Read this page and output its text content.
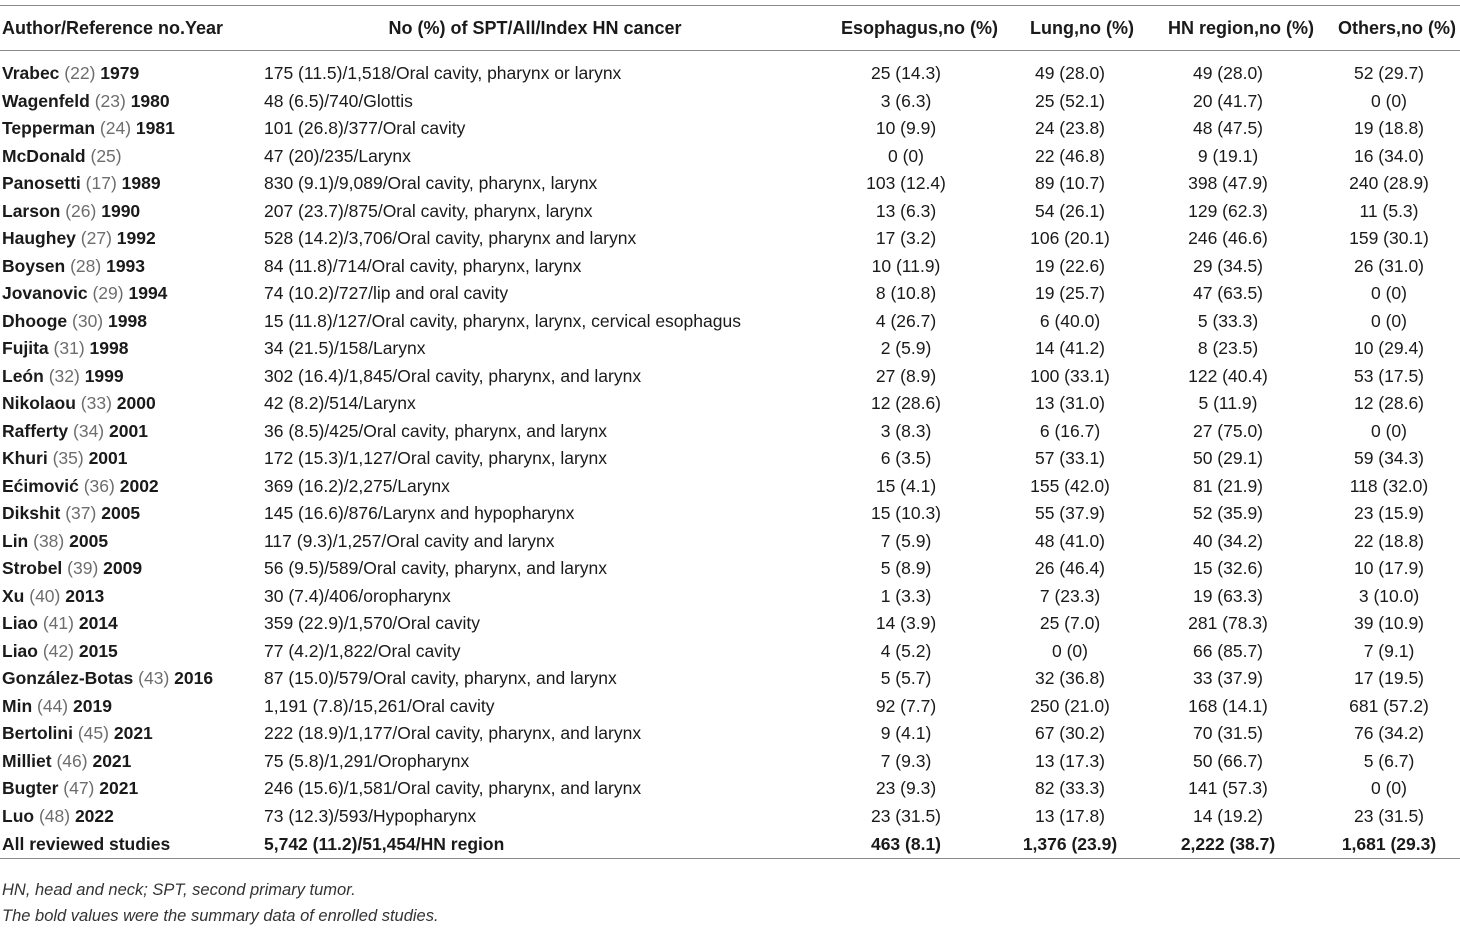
Author/Reference no.Year	No (%) of SPT/All/Index HN cancer	Esophagus,no (%)	Lung,no (%)	HN region,no (%)	Others,no (%)
Vrabec (22) 1979	175 (11.5)/1,518/Oral cavity, pharynx or larynx	25 (14.3)	49 (28.0)	49 (28.0)	52 (29.7)
Wagenfeld (23) 1980	48 (6.5)/740/Glottis	3 (6.3)	25 (52.1)	20 (41.7)	0 (0)
Tepperman (24) 1981	101 (26.8)/377/Oral cavity	10 (9.9)	24 (23.8)	48 (47.5)	19 (18.8)
McDonald (25)	47 (20)/235/Larynx	0 (0)	22 (46.8)	9 (19.1)	16 (34.0)
Panosetti (17) 1989	830 (9.1)/9,089/Oral cavity, pharynx, larynx	103 (12.4)	89 (10.7)	398 (47.9)	240 (28.9)
Larson (26) 1990	207 (23.7)/875/Oral cavity, pharynx, larynx	13 (6.3)	54 (26.1)	129 (62.3)	11 (5.3)
Haughey (27) 1992	528 (14.2)/3,706/Oral cavity, pharynx and larynx	17 (3.2)	106 (20.1)	246 (46.6)	159 (30.1)
Boysen (28) 1993	84 (11.8)/714/Oral cavity, pharynx, larynx	10 (11.9)	19 (22.6)	29 (34.5)	26 (31.0)
Jovanovic (29) 1994	74 (10.2)/727/lip and oral cavity	8 (10.8)	19 (25.7)	47 (63.5)	0 (0)
Dhooge (30) 1998	15 (11.8)/127/Oral cavity, pharynx, larynx, cervical esophagus	4 (26.7)	6 (40.0)	5 (33.3)	0 (0)
Fujita (31) 1998	34 (21.5)/158/Larynx	2 (5.9)	14 (41.2)	8 (23.5)	10 (29.4)
León (32) 1999	302 (16.4)/1,845/Oral cavity, pharynx, and larynx	27 (8.9)	100 (33.1)	122 (40.4)	53 (17.5)
Nikolaou (33) 2000	42 (8.2)/514/Larynx	12 (28.6)	13 (31.0)	5 (11.9)	12 (28.6)
Rafferty (34) 2001	36 (8.5)/425/Oral cavity, pharynx, and larynx	3 (8.3)	6 (16.7)	27 (75.0)	0 (0)
Khuri (35) 2001	172 (15.3)/1,127/Oral cavity, pharynx, larynx	6 (3.5)	57 (33.1)	50 (29.1)	59 (34.3)
Ećimović (36) 2002	369 (16.2)/2,275/Larynx	15 (4.1)	155 (42.0)	81 (21.9)	118 (32.0)
Dikshit (37) 2005	145 (16.6)/876/Larynx and hypopharynx	15 (10.3)	55 (37.9)	52 (35.9)	23 (15.9)
Lin (38) 2005	117 (9.3)/1,257/Oral cavity and larynx	7 (5.9)	48 (41.0)	40 (34.2)	22 (18.8)
Strobel (39) 2009	56 (9.5)/589/Oral cavity, pharynx, and larynx	5 (8.9)	26 (46.4)	15 (32.6)	10 (17.9)
Xu (40) 2013	30 (7.4)/406/oropharynx	1 (3.3)	7 (23.3)	19 (63.3)	3 (10.0)
Liao (41) 2014	359 (22.9)/1,570/Oral cavity	14 (3.9)	25 (7.0)	281 (78.3)	39 (10.9)
Liao (42) 2015	77 (4.2)/1,822/Oral cavity	4 (5.2)	0 (0)	66 (85.7)	7 (9.1)
González-Botas (43) 2016	87 (15.0)/579/Oral cavity, pharynx, and larynx	5 (5.7)	32 (36.8)	33 (37.9)	17 (19.5)
Min (44) 2019	1,191 (7.8)/15,261/Oral cavity	92 (7.7)	250 (21.0)	168 (14.1)	681 (57.2)
Bertolini (45) 2021	222 (18.9)/1,177/Oral cavity, pharynx, and larynx	9 (4.1)	67 (30.2)	70 (31.5)	76 (34.2)
Milliet (46) 2021	75 (5.8)/1,291/Oropharynx	7 (9.3)	13 (17.3)	50 (66.7)	5 (6.7)
Bugter (47) 2021	246 (15.6)/1,581/Oral cavity, pharynx, and larynx	23 (9.3)	82 (33.3)	141 (57.3)	0 (0)
Luo (48) 2022	73 (12.3)/593/Hypopharynx	23 (31.5)	13 (17.8)	14 (19.2)	23 (31.5)
All reviewed studies	5,742 (11.2)/51,454/HN region	463 (8.1)	1,376 (23.9)	2,222 (38.7)	1,681 (29.3)
HN, head and neck; SPT, second primary tumor.
The bold values were the summary data of enrolled studies.
